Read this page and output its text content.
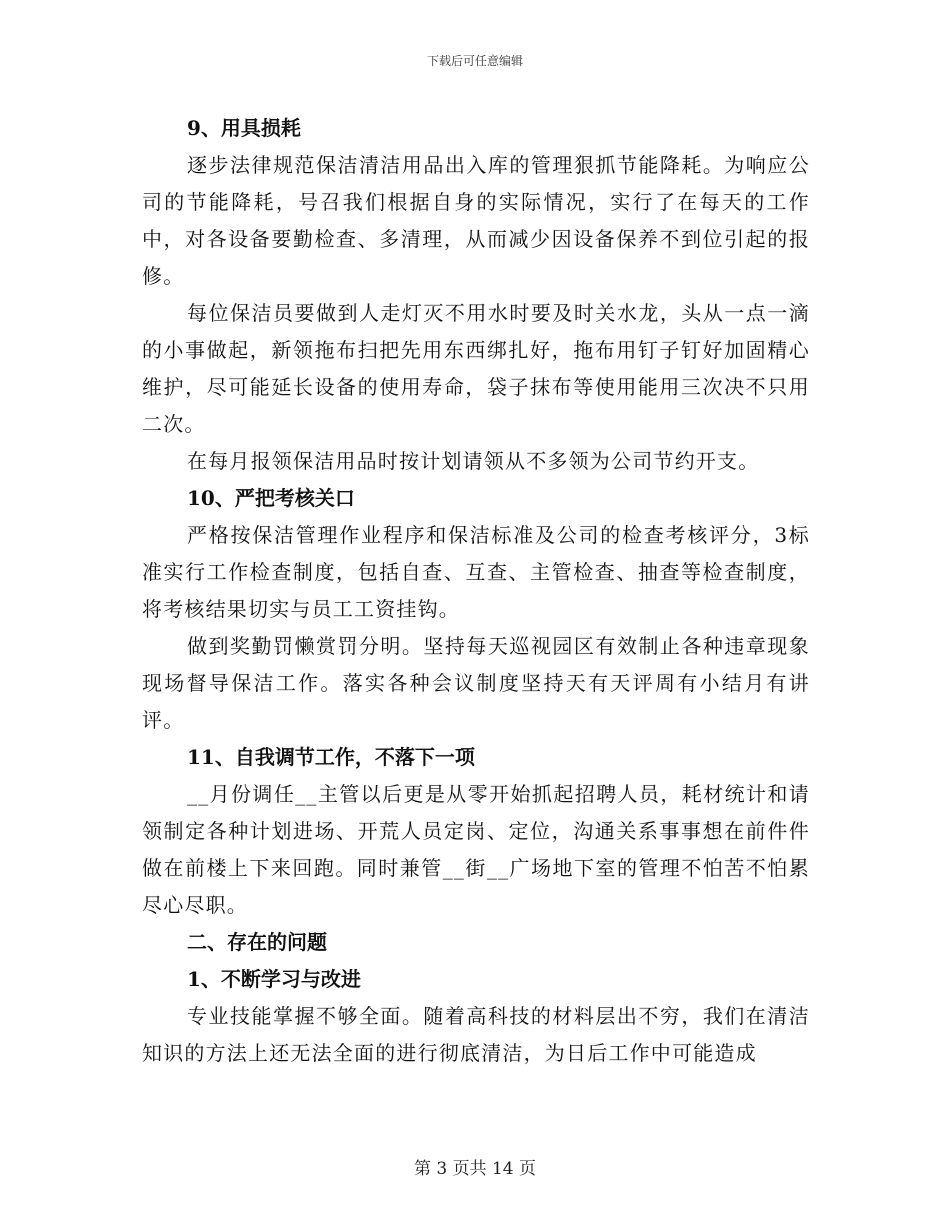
下载后可任意编辑

9、用具损耗

逐步法律规范保洁清洁用品出入库的管理狠抓节能降耗。为响应公司的节能降耗，号召我们根据自身的实际情况，实行了在每天的工作中，对各设备要勤检查、多清理，从而减少因设备保养不到位引起的报修。

每位保洁员要做到人走灯灭不用水时要及时关水龙，头从一点一滴的小事做起，新领拖布扫把先用东西绑扎好，拖布用钉子钉好加固精心维护，尽可能延长设备的使用寿命，袋子抹布等使用能用三次决不只用二次。

在每月报领保洁用品时按计划请领从不多领为公司节约开支。

10、严把考核关口

严格按保洁管理作业程序和保洁标准及公司的检查考核评分，3标准实行工作检查制度，包括自查、互查、主管检查、抽查等检查制度，将考核结果切实与员工工资挂钩。

做到奖勤罚懒赏罚分明。坚持每天巡视园区有效制止各种违章现象现场督导保洁工作。落实各种会议制度坚持天有天评周有小结月有讲评。

11、自我调节工作，不落下一项

__月份调任__主管以后更是从零开始抓起招聘人员，耗材统计和请领制定各种计划进场、开荒人员定岗、定位，沟通关系事事想在前件件做在前楼上下来回跑。同时兼管__街__广场地下室的管理不怕苦不怕累尽心尽职。

二、存在的问题

1、不断学习与改进

专业技能掌握不够全面。随着高科技的材料层出不穷，我们在清洁知识的方法上还无法全面的进行彻底清洁，为日后工作中可能造成

第 3 页共 14 页
